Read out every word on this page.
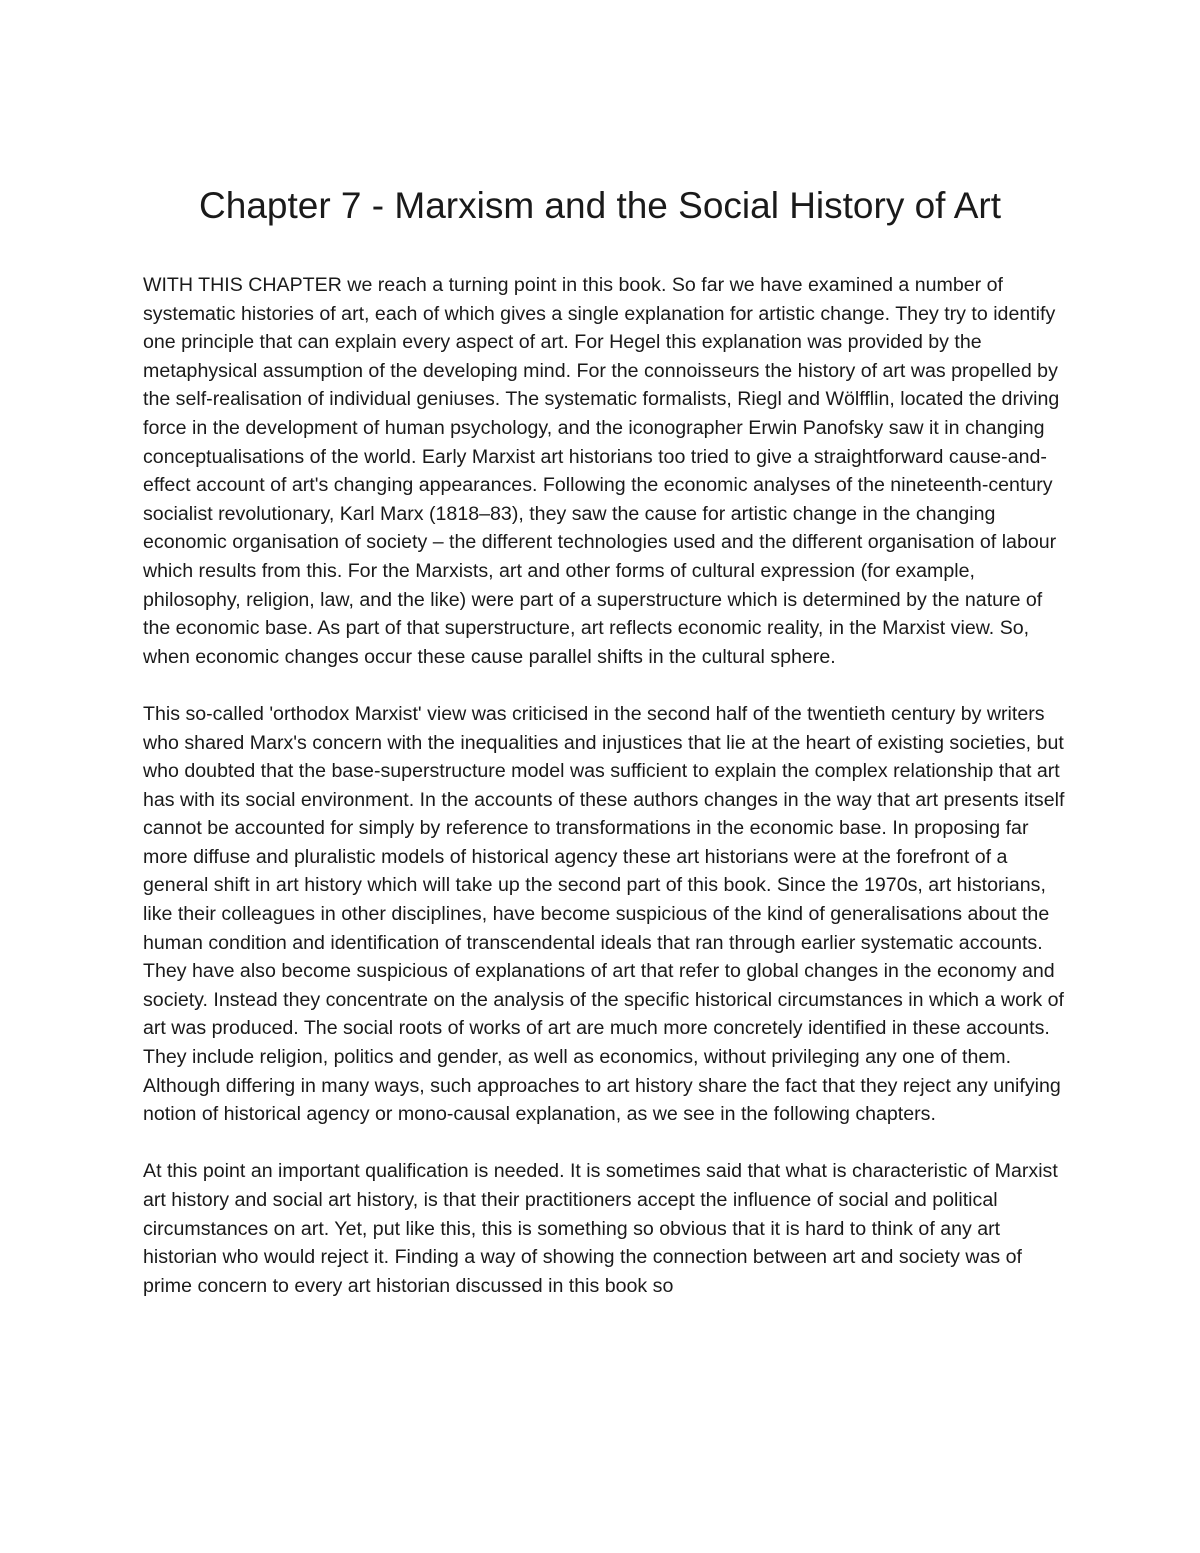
Chapter 7 - Marxism and the Social History of Art

WITH THIS CHAPTER we reach a turning point in this book. So far we have examined a number of systematic histories of art, each of which gives a single explanation for artistic change. They try to identify one principle that can explain every aspect of art. For Hegel this explanation was provided by the metaphysical assumption of the developing mind. For the connoisseurs the history of art was propelled by the self-realisation of individual geniuses. The systematic formalists, Riegl and Wölfflin, located the driving force in the development of human psychology, and the iconographer Erwin Panofsky saw it in changing conceptualisations of the world. Early Marxist art historians too tried to give a straightforward cause-and-effect account of art's changing appearances. Following the economic analyses of the nineteenth-century socialist revolutionary, Karl Marx (1818–83), they saw the cause for artistic change in the changing economic organisation of society – the different technologies used and the different organisation of labour which results from this. For the Marxists, art and other forms of cultural expression (for example, philosophy, religion, law, and the like) were part of a superstructure which is determined by the nature of the economic base. As part of that superstructure, art reflects economic reality, in the Marxist view. So, when economic changes occur these cause parallel shifts in the cultural sphere.

This so-called 'orthodox Marxist' view was criticised in the second half of the twentieth century by writers who shared Marx's concern with the inequalities and injustices that lie at the heart of existing societies, but who doubted that the base-superstructure model was sufficient to explain the complex relationship that art has with its social environment. In the accounts of these authors changes in the way that art presents itself cannot be accounted for simply by reference to transformations in the economic base. In proposing far more diffuse and pluralistic models of historical agency these art historians were at the forefront of a general shift in art history which will take up the second part of this book. Since the 1970s, art historians, like their colleagues in other disciplines, have become suspicious of the kind of generalisations about the human condition and identification of transcendental ideals that ran through earlier systematic accounts. They have also become suspicious of explanations of art that refer to global changes in the economy and society. Instead they concentrate on the analysis of the specific historical circumstances in which a work of art was produced. The social roots of works of art are much more concretely identified in these accounts. They include religion, politics and gender, as well as economics, without privileging any one of them. Although differing in many ways, such approaches to art history share the fact that they reject any unifying notion of historical agency or mono-causal explanation, as we see in the following chapters.

At this point an important qualification is needed. It is sometimes said that what is characteristic of Marxist art history and social art history, is that their practitioners accept the influence of social and political circumstances on art. Yet, put like this, this is something so obvious that it is hard to think of any art historian who would reject it. Finding a way of showing the connection between art and society was of prime concern to every art historian discussed in this book so
